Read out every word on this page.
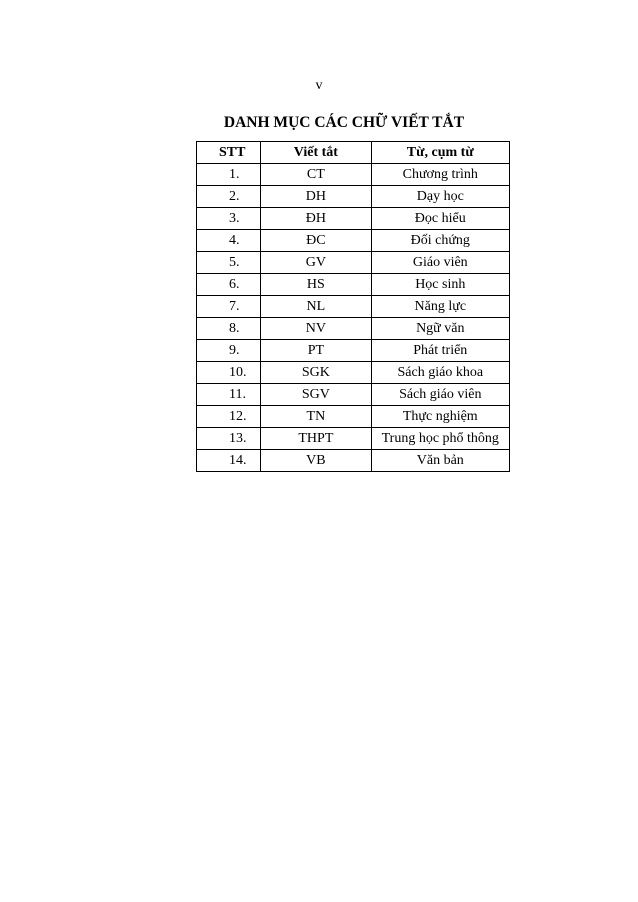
v
DANH MỤC CÁC CHỮ VIẾT TẮT
STT	Viết tắt	Từ, cụm từ
1.	CT	Chương trình
2.	DH	Dạy học
3.	ĐH	Đọc hiểu
4.	ĐC	Đối chứng
5.	GV	Giáo viên
6.	HS	Học sinh
7.	NL	Năng lực
8.	NV	Ngữ văn
9.	PT	Phát triển
10.	SGK	Sách giáo khoa
11.	SGV	Sách giáo viên
12.	TN	Thực nghiệm
13.	THPT	Trung học phổ thông
14.	VB	Văn bản
